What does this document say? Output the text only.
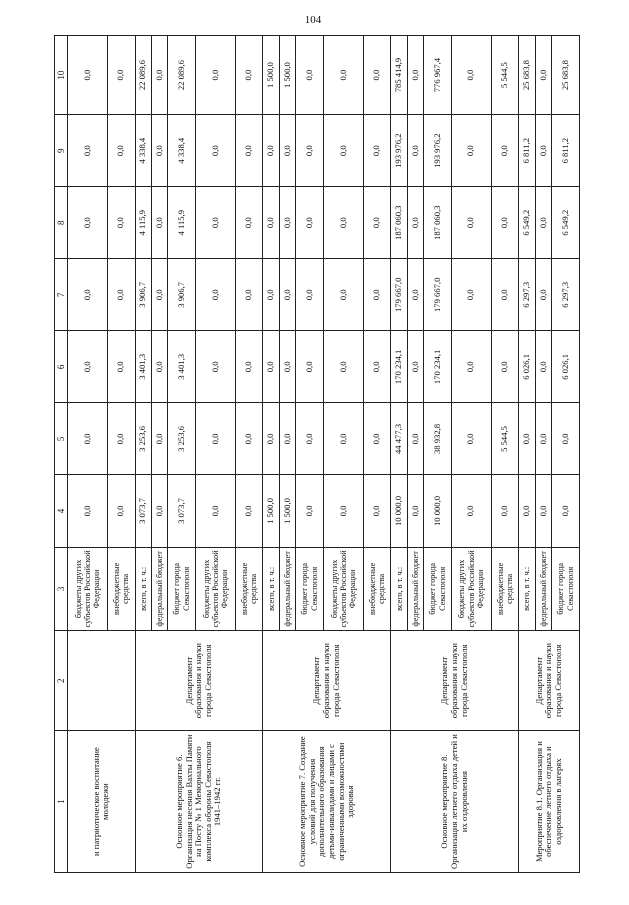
104
1	2	3	4	5	6	7	8	9	10
и патриотическое воспитание молодежи		бюджеты других субъектов Российской Федерации	0,0	0,0	0,0	0,0	0,0	0,0	0,0
		внебюджетные средства	0,0	0,0	0,0	0,0	0,0	0,0	0,0
Основное мероприятие 6. Организация несения Вахты Памяти на Посту № 1 Мемориального комплекса обороны Севастополя 1941–1942 гг.	Департамент образования и науки города Севастополя	всего, в т. ч.:	3 073,7	3 253,6	3 401,3	3 906,7	4 115,9	4 338,4	22 089,6
		федеральный бюджет	0,0	0,0	0,0	0,0	0,0	0,0	0,0
		бюджет города Севастополя	3 073,7	3 253,6	3 401,3	3 906,7	4 115,9	4 338,4	22 089,6
		бюджеты других субъектов Российской Федерации	0,0	0,0	0,0	0,0	0,0	0,0	0,0
		внебюджетные средства	0,0	0,0	0,0	0,0	0,0	0,0	0,0
Основное мероприятие 7. Создание условий для получения дополнительного образования детьми-инвалидами и лицами с ограниченными возможностями здоровья	Департамент образования и науки города Севастополя	всего, в т. ч.:	1 500,0	0,0	0,0	0,0	0,0	0,0	1 500,0
		федеральный бюджет	1 500,0	0,0	0,0	0,0	0,0	0,0	1 500,0
		бюджет города Севастополя	0,0	0,0	0,0	0,0	0,0	0,0	0,0
		бюджеты других субъектов Российской Федерации	0,0	0,0	0,0	0,0	0,0	0,0	0,0
		внебюджетные средства	0,0	0,0	0,0	0,0	0,0	0,0	0,0
Основное мероприятие 8. Организация летнего отдыха детей и их оздоровления	Департамент образования и науки города Севастополя	всего, в т. ч.:	10 000,0	44 477,3	170 234,1	179 667,0	187 060,3	193 976,2	785 414,9
		федеральный бюджет	0,0	0,0	0,0	0,0	0,0	0,0	0,0
		бюджет города Севастополя	10 000,0	38 932,8	170 234,1	179 667,0	187 060,3	193 976,2	776 967,4
		бюджеты других субъектов Российской Федерации	0,0	0,0	0,0	0,0	0,0	0,0	0,0
		внебюджетные средства	0,0	5 544,5	0,0	0,0	0,0	0,0	5 544,5
Мероприятие 8.1. Организация и обеспечение летнего отдыха и оздоровления в лагерях	Департамент образования и науки города Севастополя	всего, в т. ч.:	0,0	0,0	6 026,1	6 297,3	6 549,2	6 811,2	25 683,8
		федеральный бюджет	0,0	0,0	0,0	0,0	0,0	0,0	0,0
		бюджет города Севастополя	0,0	0,0	6 026,1	6 297,3	6 549,2	6 811,2	25 683,8
